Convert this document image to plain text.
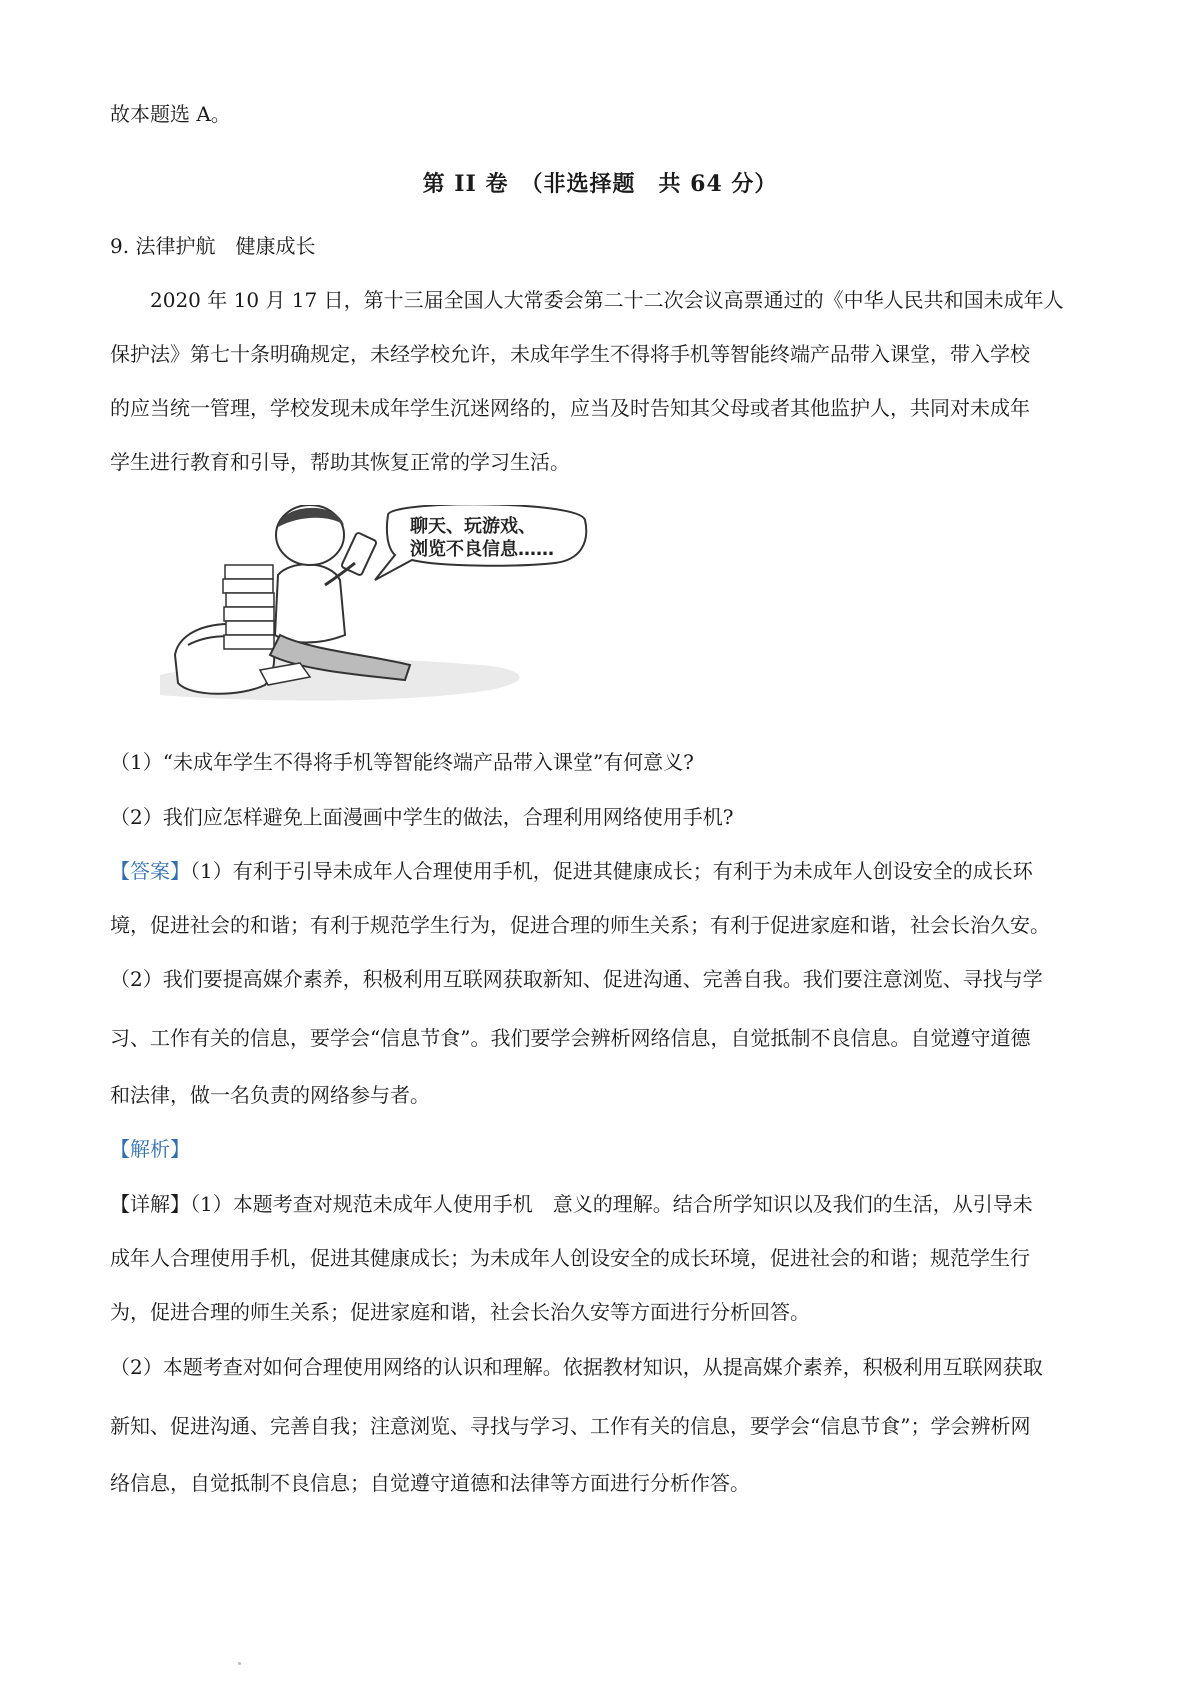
故本题选 A。
第 II 卷　（非选择题　共 64 分）
9. 法律护航　健康成长
2020 年 10 月 17 日，第十三届全国人大常委会第二十二次会议高票通过的《中华人民共和国未成年人
保护法》第七十条明确规定，未经学校允许，未成年学生不得将手机等智能终端产品带入课堂，带入学校
的应当统一管理，学校发现未成年学生沉迷网络的，应当及时告知其父母或者其他监护人，共同对未成年
学生进行教育和引导，帮助其恢复正常的学习生活。
聊天、玩游戏、
浏览不良信息……
（1）“未成年学生不得将手机等智能终端产品带入课堂”有何意义?
（2）我们应怎样避免上面漫画中学生的做法，合理利用网络使用手机?
【答案】（1）有利于引导未成年人合理使用手机，促进其健康成长；有利于为未成年人创设安全的成长环
境，促进社会的和谐；有利于规范学生行为，促进合理的师生关系；有利于促进家庭和谐，社会长治久安。
（2）我们要提高媒介素养，积极利用互联网获取新知、促进沟通、完善自我。我们要注意浏览、寻找与学
习、工作有关的信息，要学会“信息节食”。我们要学会辨析网络信息，自觉抵制不良信息。自觉遵守道德
和法律，做一名负责的网络参与者。
【解析】
【详解】（1）本题考查对规范未成年人使用手机　意义的理解。结合所学知识以及我们的生活，从引导未
成年人合理使用手机，促进其健康成长；为未成年人创设安全的成长环境，促进社会的和谐；规范学生行
为，促进合理的师生关系；促进家庭和谐，社会长治久安等方面进行分析回答。
（2）本题考查对如何合理使用网络的认识和理解。依据教材知识，从提高媒介素养，积极利用互联网获取
新知、促进沟通、完善自我；注意浏览、寻找与学习、工作有关的信息，要学会“信息节食”；学会辨析网
络信息，自觉抵制不良信息；自觉遵守道德和法律等方面进行分析作答。
